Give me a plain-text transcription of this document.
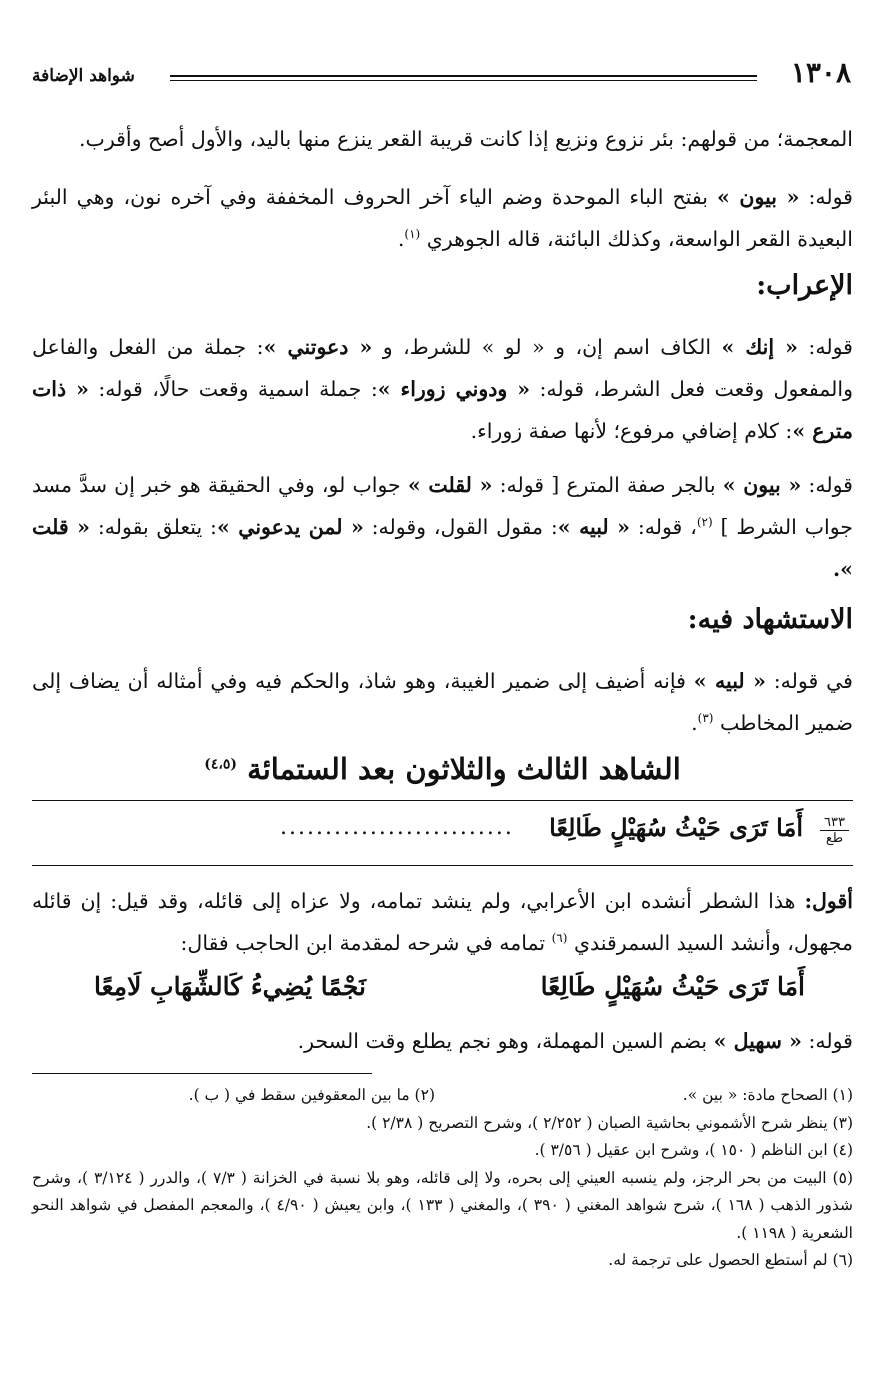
١٣٠٨
شواهد الإضافة
المعجمة؛ من قولهم: بئر نزوع ونزيع إذا كانت قريبة القعر ينزع منها باليد، والأول أصح وأقرب.
قوله: « بيون » بفتح الباء الموحدة وضم الياء آخر الحروف المخففة وفي آخره نون، وهي البئر البعيدة القعر الواسعة، وكذلك البائنة، قاله الجوهري $^{(١)}$.
الإعراب:
قوله: « إنك » الكاف اسم إن، و « لو » للشرط، و « دعوتني »: جملة من الفعل والفاعل والمفعول وقعت فعل الشرط، قوله: « ودوني زوراء »: جملة اسمية وقعت حالًا، قوله: « ذات مترع »: كلام إضافي مرفوع؛ لأنها صفة زوراء.
قوله: « بيون » بالجر صفة المترع [ قوله: « لقلت » جواب لو، وفي الحقيقة هو خبر إن سدَّ مسد جواب الشرط ] $^{(٢)}$، قوله: « لبيه »: مقول القول، وقوله: « لمن يدعوني »: يتعلق بقوله: « قلت ».
الاستشهاد فيه:
في قوله: « لبيه » فإنه أضيف إلى ضمير الغيبة، وهو شاذ، والحكم فيه وفي أمثاله أن يضاف إلى ضمير المخاطب $^{(٣)}$.
الشاهد الثالث والثلاثون بعد الستمائة $^{(٤،٥)}$
٦٣٣
طع
أَمَا تَرَى حَيْثُ سُهَيْلٍ طَالِعًا
..........................
أقول: هذا الشطر أنشده ابن الأعرابي، ولم ينشد تمامه، ولا عزاه إلى قائله، وقد قيل: إن قائله مجهول، وأنشد السيد السمرقندي $^{(٦)}$ تمامه في شرحه لمقدمة ابن الحاجب فقال:
أَمَا تَرَى حَيْثُ سُهَيْلٍ طَالِعًا
نَجْمًا يُضِيءُ كَالشِّهَابِ لَامِعًا
قوله: « سهيل » بضم السين المهملة، وهو نجم يطلع وقت السحر.
(١) الصحاح مادة: « بين ».
(٢) ما بين المعقوفين سقط في ( ب ).
(٣) ينظر شرح الأشموني بحاشية الصبان ( ٢/٢٥٢ )، وشرح التصريح ( ٢/٣٨ ).
(٤) ابن الناظم ( ١٥٠ )، وشرح ابن عقيل ( ٣/٥٦ ).
(٥) البيت من بحر الرجز، ولم ينسبه العيني إلى بحره، ولا إلى قائله، وهو بلا نسبة في الخزانة ( ٧/٣ )، والدرر ( ٣/١٢٤ )، وشرح شذور الذهب ( ١٦٨ )، شرح شواهد المغني ( ٣٩٠ )، والمغني ( ١٣٣ )، وابن يعيش ( ٤/٩٠ )، والمعجم المفصل في شواهد النحو الشعرية ( ١١٩٨ ).
(٦) لم أستطع الحصول على ترجمة له.
